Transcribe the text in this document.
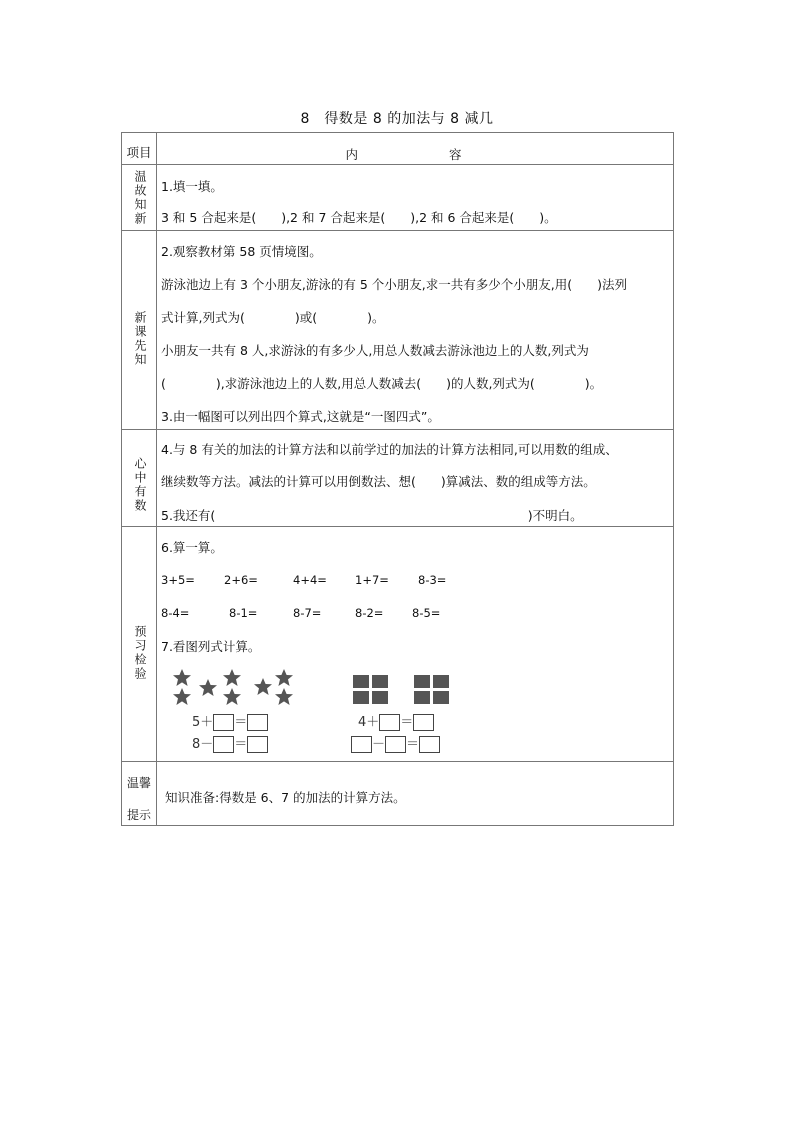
8　得数是 8 的加法与 8 减几
项目	内　　容
温故知新 1.填一填。
3 和 5 合起来是(　　),2 和 7 合起来是(　　),2 和 6 合起来是(　　)。
新课先知
2.观察教材第 58 页情境图。
游泳池边上有 3 个小朋友,游泳的有 5 个小朋友,求一共有多少个小朋友,用(　　)法列
式计算,列式为(　　　　)或(　　　　)。
小朋友一共有 8 人,求游泳的有多少人,用总人数减去游泳池边上的人数,列式为
(　　　　),求游泳池边上的人数,用总人数减去(　　)的人数,列式为(　　　　)。
3.由一幅图可以列出四个算式,这就是“一图四式”。
心中有数
4.与 8 有关的加法的计算方法和以前学过的加法的计算方法相同,可以用数的组成、
继续数等方法。减法的计算可以用倒数法、想(　　)算减法、数的组成等方法。
5.我还有(　　　　　　　　　　　　　　　　　　　　　　　　　)不明白。
预习检验
6.算一算。
3+5=	2+6=	4+4= 1+7=	8-3=
8-4=	8-1=	8-7=	8-2= 8-5=
7.看图列式计算。
5＋ ＝
8－ ＝
4＋ ＝
－ ＝
温馨
提示
知识准备:得数是 6、7 的加法的计算方法。
